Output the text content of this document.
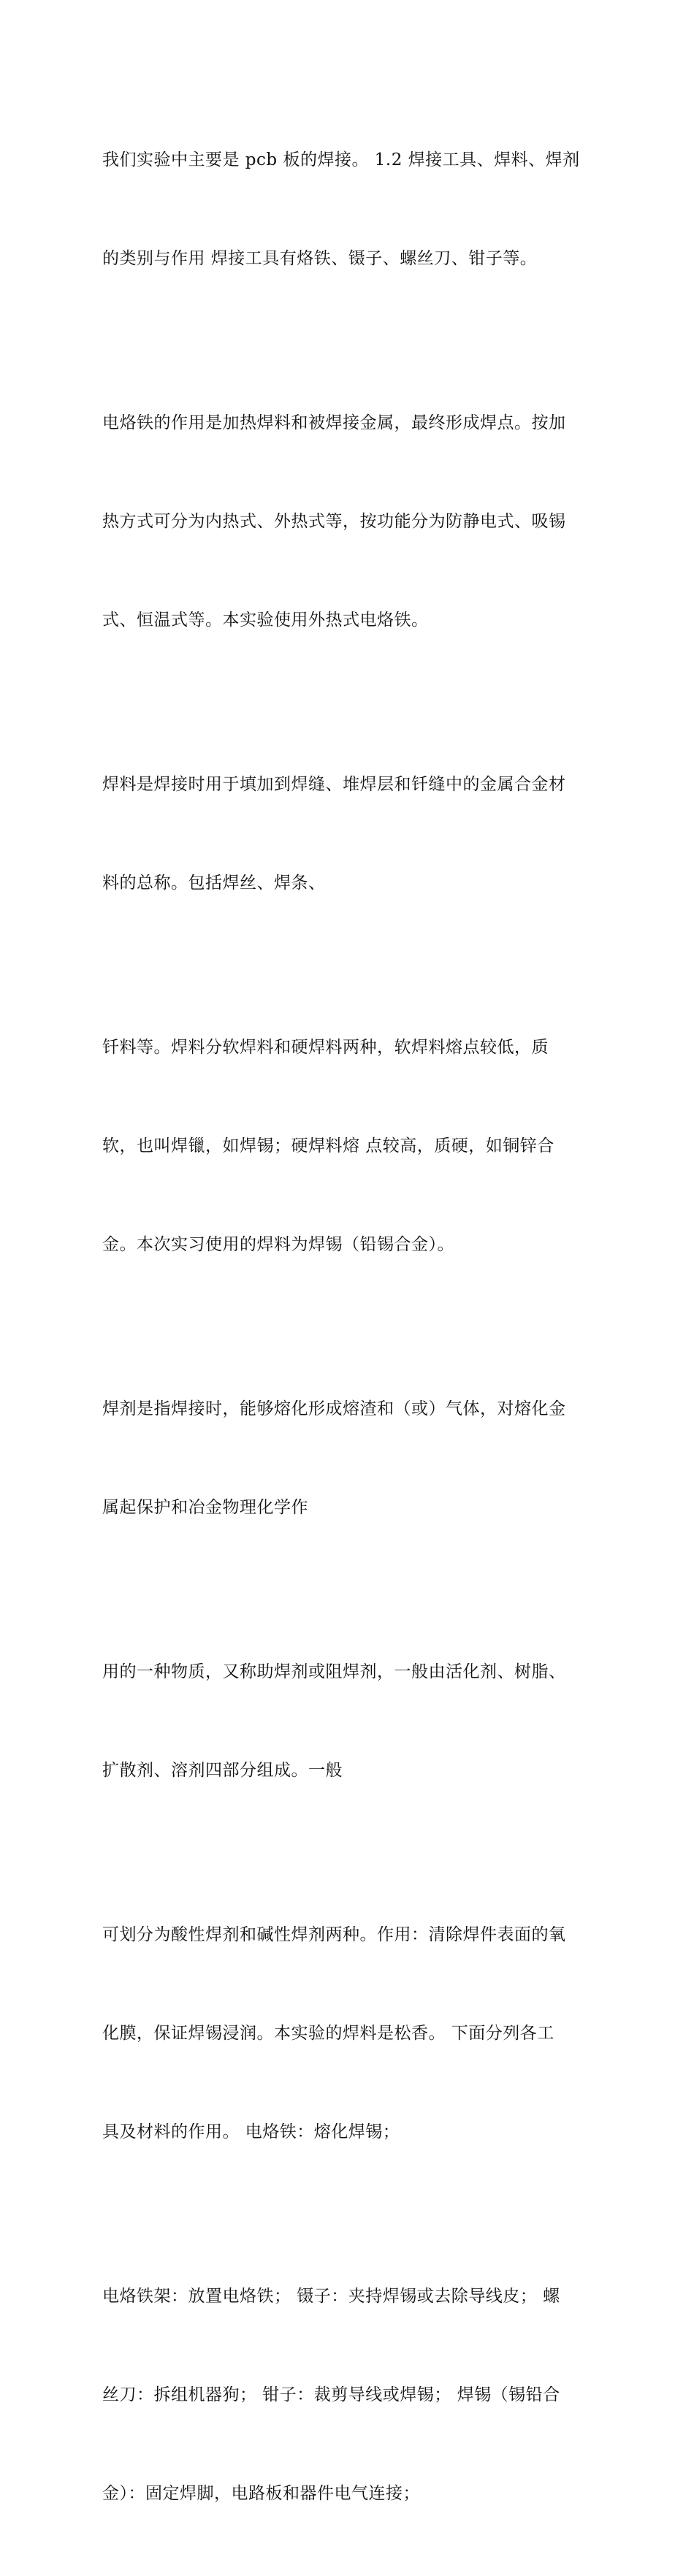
我们实验中主要是 pcb 板的焊接。 1.2 焊接工具、焊料、焊剂

的类别与作用 焊接工具有烙铁、镊子、螺丝刀、钳子等。

电烙铁的作用是加热焊料和被焊接金属，最终形成焊点。按加

热方式可分为内热式、外热式等，按功能分为防静电式、吸锡

式、恒温式等。本实验使用外热式电烙铁。

焊料是焊接时用于填加到焊缝、堆焊层和钎缝中的金属合金材

料的总称。包括焊丝、焊条、

钎料等。焊料分软焊料和硬焊料两种，软焊料熔点较低，质

软，也叫焊镴，如焊锡；硬焊料熔 点较高，质硬，如铜锌合

金。本次实习使用的焊料为焊锡（铅锡合金）。

焊剂是指焊接时，能够熔化形成熔渣和（或）气体，对熔化金

属起保护和冶金物理化学作

用的一种物质，又称助焊剂或阻焊剂，一般由活化剂、树脂、

扩散剂、溶剂四部分组成。一般

可划分为酸性焊剂和碱性焊剂两种。作用：清除焊件表面的氧

化膜，保证焊锡浸润。本实验的焊料是松香。 下面分列各工

具及材料的作用。 电烙铁：熔化焊锡；

电烙铁架：放置电烙铁； 镊子：夹持焊锡或去除导线皮； 螺

丝刀：拆组机器狗； 钳子：裁剪导线或焊锡； 焊锡（锡铅合

金）：固定焊脚，电路板和器件电气连接；
